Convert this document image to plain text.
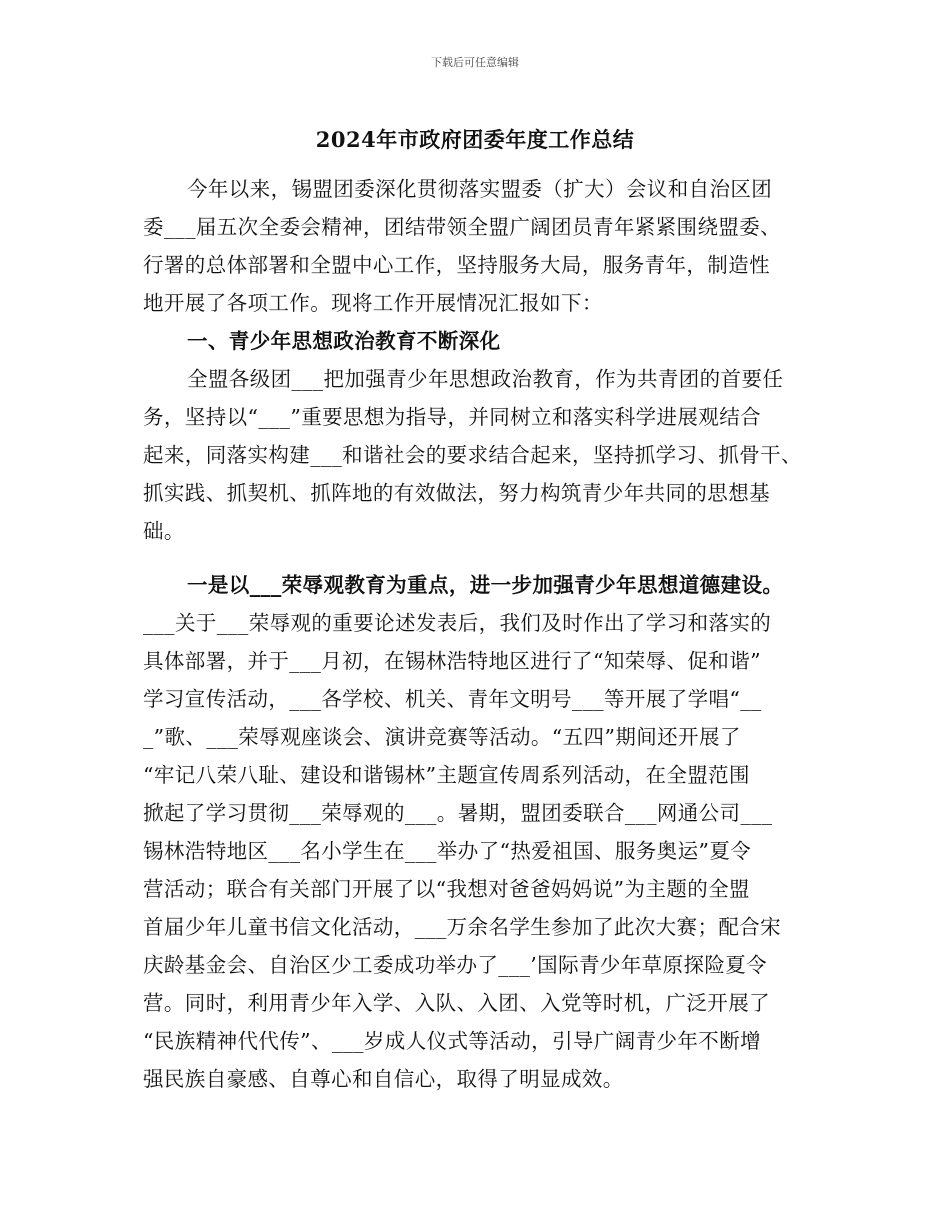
下载后可任意编辑
2024年市政府团委年度工作总结
今年以来，锡盟团委深化贯彻落实盟委（扩大）会议和自治区团
委___届五次全委会精神，团结带领全盟广阔团员青年紧紧围绕盟委、
行署的总体部署和全盟中心工作，坚持服务大局，服务青年，制造性
地开展了各项工作。现将工作开展情况汇报如下：
一、青少年思想政治教育不断深化
全盟各级团___把加强青少年思想政治教育，作为共青团的首要任
务，坚持以“___”重要思想为指导，并同树立和落实科学进展观结合
起来，同落实构建___和谐社会的要求结合起来，坚持抓学习、抓骨干、
抓实践、抓契机、抓阵地的有效做法，努力构筑青少年共同的思想基
础。
一是以___荣辱观教育为重点，进一步加强青少年思想道德建设。
___关于___荣辱观的重要论述发表后，我们及时作出了学习和落实的
具体部署，并于___月初，在锡林浩特地区进行了“知荣辱、促和谐”
学习宣传活动，___各学校、机关、青年文明号___等开展了学唱“__
_”歌、___荣辱观座谈会、演讲竞赛等活动。“五四”期间还开展了
“牢记八荣八耻、建设和谐锡林”主题宣传周系列活动，在全盟范围
掀起了学习贯彻___荣辱观的___。暑期，盟团委联合___网通公司___
锡林浩特地区___名小学生在___举办了“热爱祖国、服务奥运”夏令
营活动；联合有关部门开展了以“我想对爸爸妈妈说”为主题的全盟
首届少年儿童书信文化活动，___万余名学生参加了此次大赛；配合宋
庆龄基金会、自治区少工委成功举办了___’国际青少年草原探险夏令
营。同时，利用青少年入学、入队、入团、入党等时机，广泛开展了
“民族精神代代传”、___岁成人仪式等活动，引导广阔青少年不断增
强民族自豪感、自尊心和自信心，取得了明显成效。
